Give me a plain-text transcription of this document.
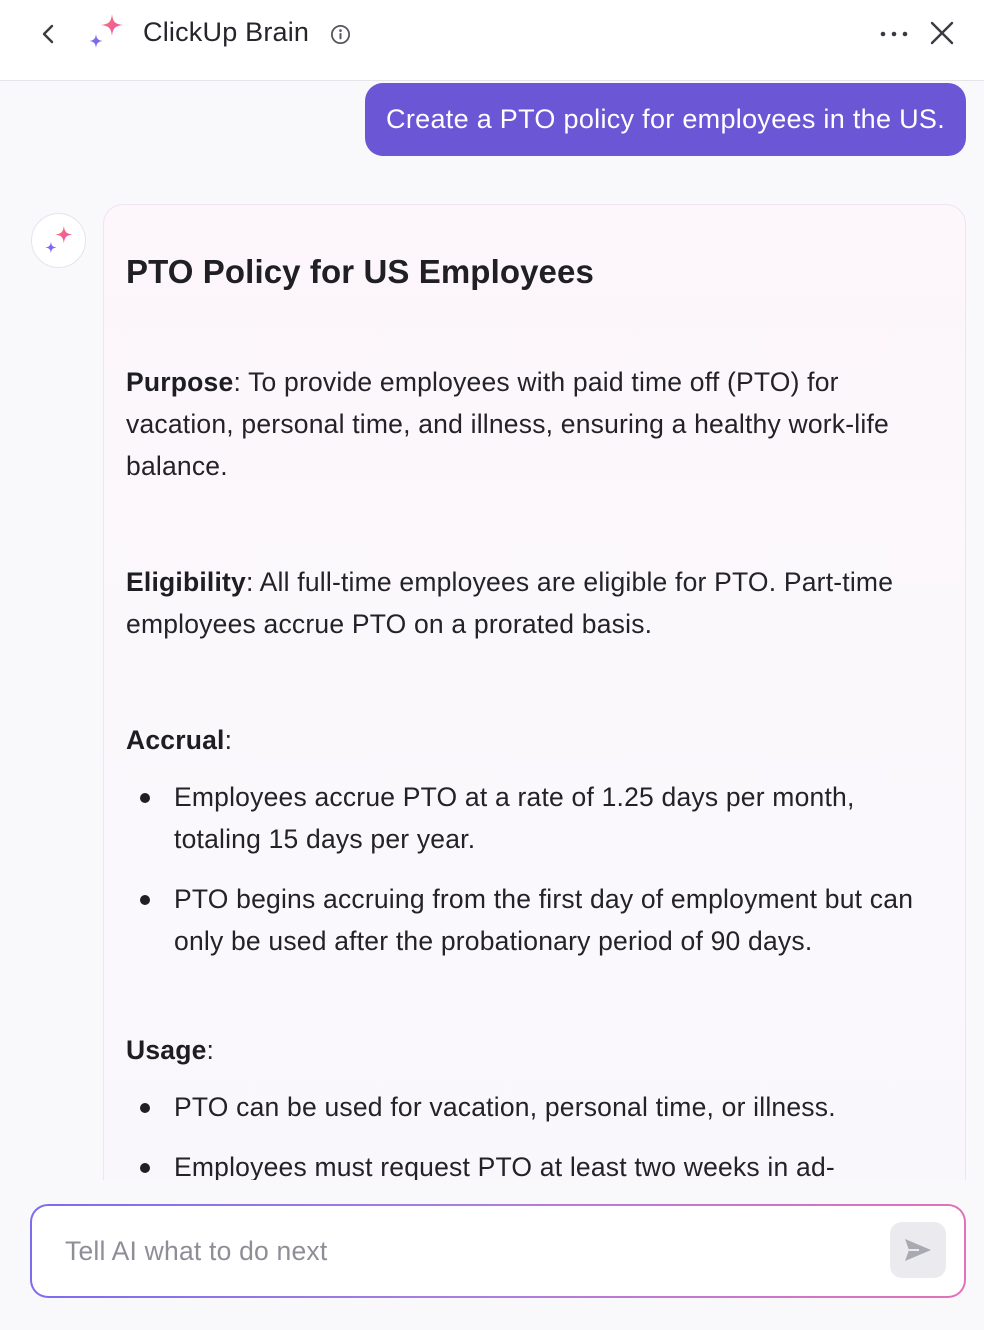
ClickUp Brain
Create a PTO policy for employees in the US.
PTO Policy for US Employees

Purpose: To provide employees with paid time off (PTO) for vacation, personal time, and illness, ensuring a healthy work-life balance.

Eligibility: All full-time employees are eligible for PTO. Part-time employees accrue PTO on a prorated basis.

Accrual:

Employees accrue PTO at a rate of 1.25 days per month, totaling 15 days per year.
PTO begins accruing from the first day of employment but can only be used after the probationary period of 90 days.

Usage:

PTO can be used for vacation, personal time, or illness.
Employees must request PTO at least two weeks in ad-
Tell AI what to do next
